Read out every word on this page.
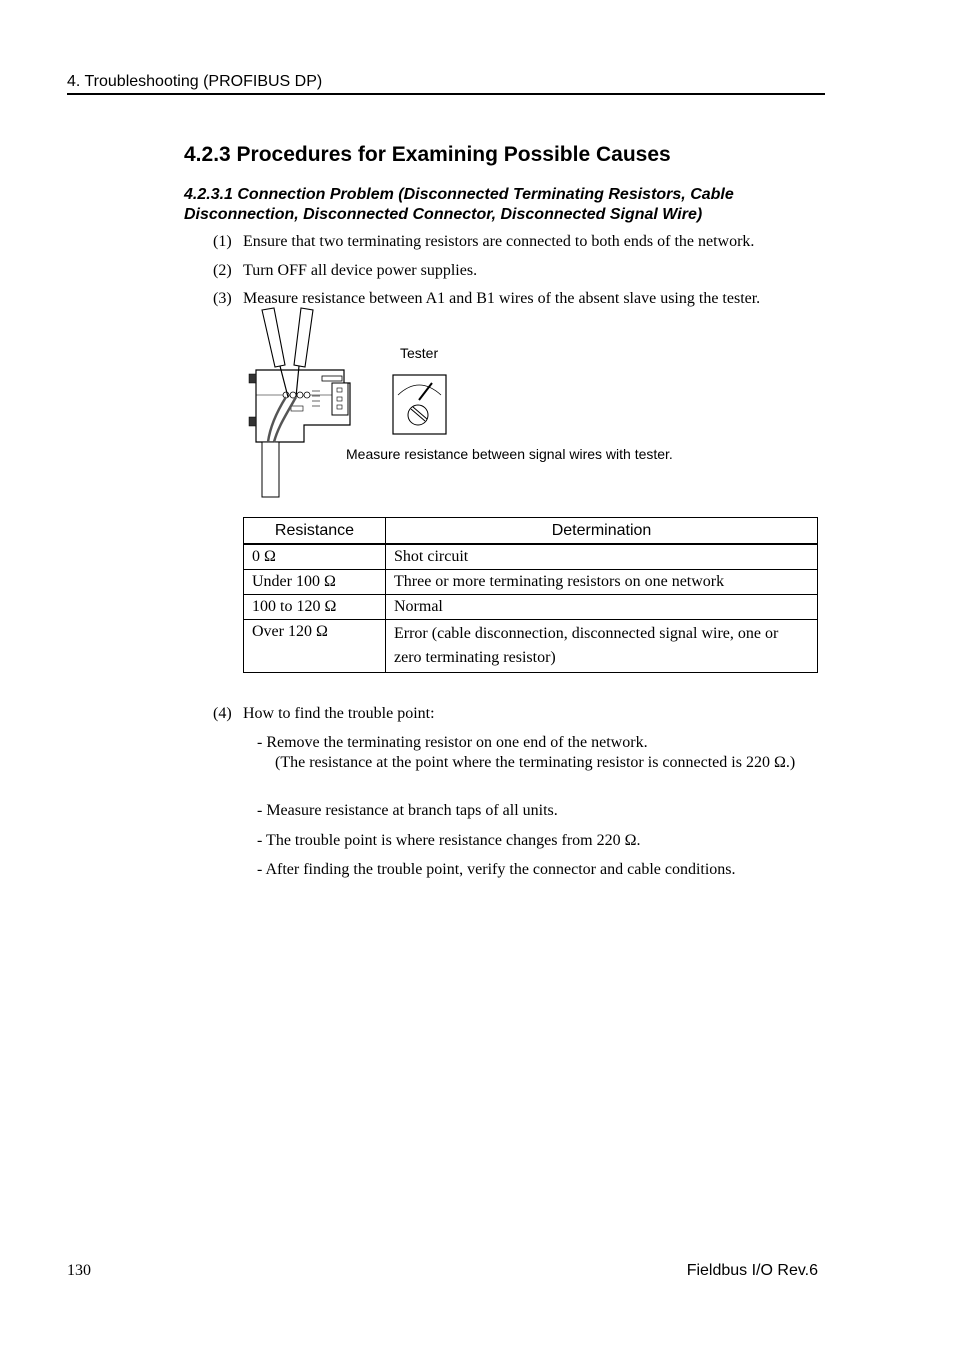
4. Troubleshooting (PROFIBUS DP)
4.2.3 Procedures for Examining Possible Causes
4.2.3.1 Connection Problem (Disconnected Terminating Resistors, Cable Disconnection, Disconnected Connector, Disconnected Signal Wire)
(1) Ensure that two terminating resistors are connected to both ends of the network.
(2) Turn OFF all device power supplies.
(3) Measure resistance between A1 and B1 wires of the absent slave using the tester.
Tester
Measure resistance between signal wires with tester.
Resistance	Determination
0 Ω	Shot circuit
Under 100 Ω	Three or more terminating resistors on one network
100 to 120 Ω	Normal
Over 120 Ω	Error (cable disconnection, disconnected signal wire, one or zero terminating resistor)
(4) How to find the trouble point:
- Remove the terminating resistor on one end of the network.
(The resistance at the point where the terminating resistor is connected is 220 Ω.)
- Measure resistance at branch taps of all units.
- The trouble point is where resistance changes from 220 Ω.
- After finding the trouble point, verify the connector and cable conditions.
130	Fieldbus I/O Rev.6
